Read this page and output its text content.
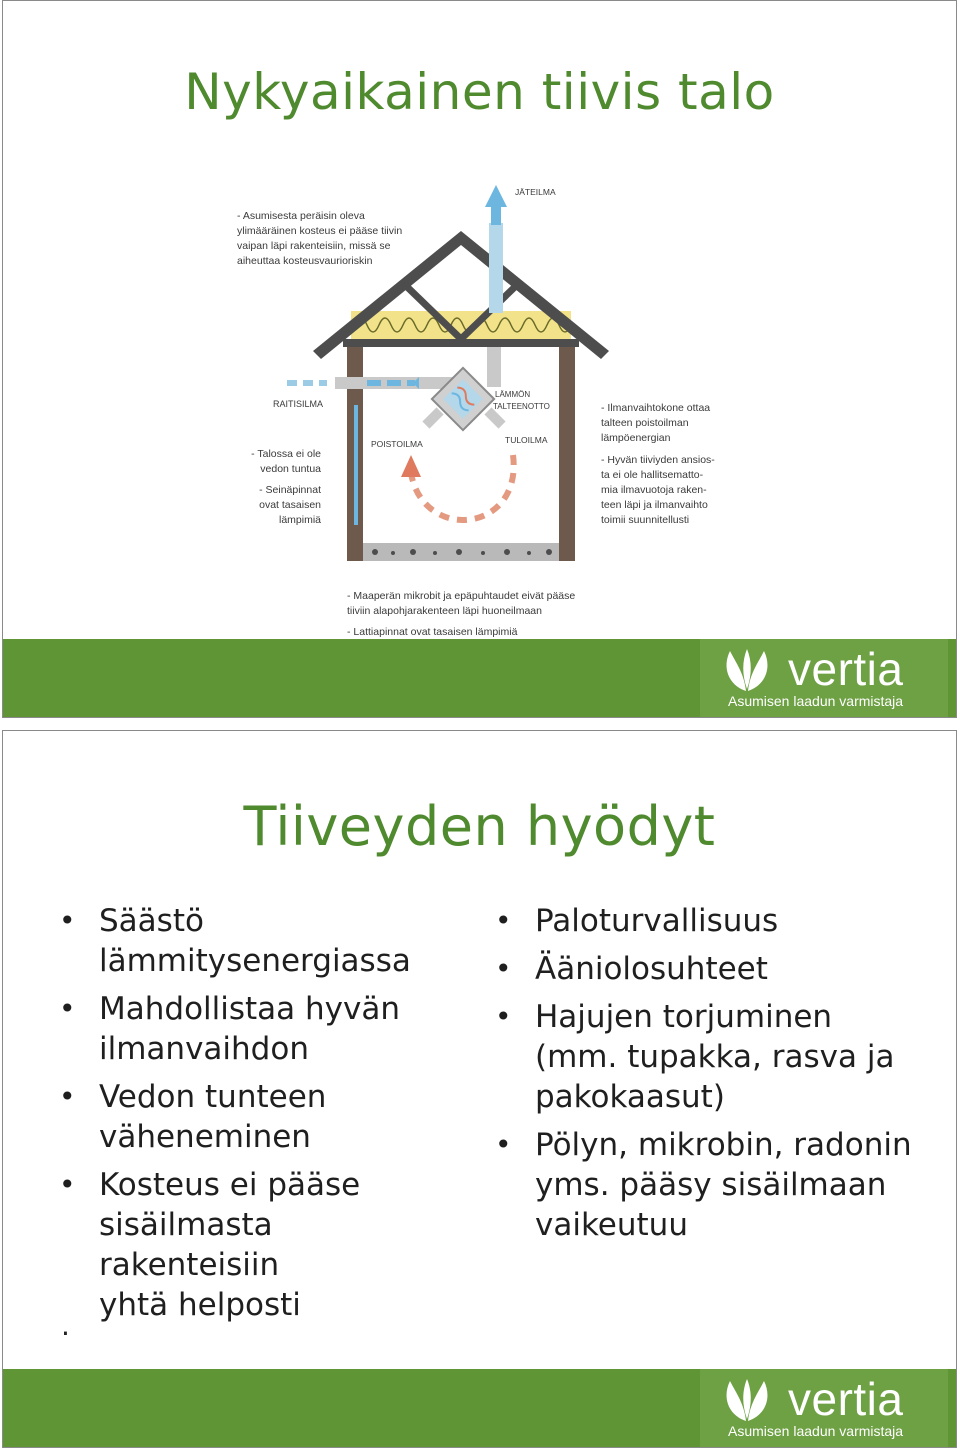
Nykyaikainen tiivis talo
- Asumisesta peräisin oleva
ylimääräinen kosteus ei pääse tiivin
vaipan läpi rakenteisiin, missä se
aiheuttaa kosteusvaurioriskin
JÄTEILMA
RAITISILMA
POISTOILMA
LÄMMÖN
TALTEENOTTO
TULOILMA
- Talossa ei ole
vedon tuntua
- Seinäpinnat
ovat tasaisen
lämpimiä
- Ilmanvaihtokone ottaa
talteen poistoilman
lämpöenergian
- Hyvän tiiviyden ansios-
ta ei ole hallitsematto-
mia ilmavuotoja raken-
teen läpi ja ilmanvaihto
toimii suunnitellusti
- Maaperän mikrobit ja epäpuhtaudet eivät pääse
tiiviin alapohjarakenteen läpi huoneilmaan
- Lattiapinnat ovat tasaisen lämpimiä
vertia
Asumisen laadun varmistaja
Tiiveyden hyödyt
• Säästö
lämmitysenergiassa
• Mahdollistaa hyvän
ilmanvaihdon
• Vedon tunteen
väheneminen
• Kosteus ei pääse
sisäilmasta rakenteisiin
yhtä helposti
• Paloturvallisuus
• Ääniolosuhteet
• Hajujen torjuminen
(mm. tupakka, rasva ja
pakokaasut)
• Pölyn, mikrobin, radonin
yms. pääsy sisäilmaan
vaikeutuu
.
vertia
Asumisen laadun varmistaja
